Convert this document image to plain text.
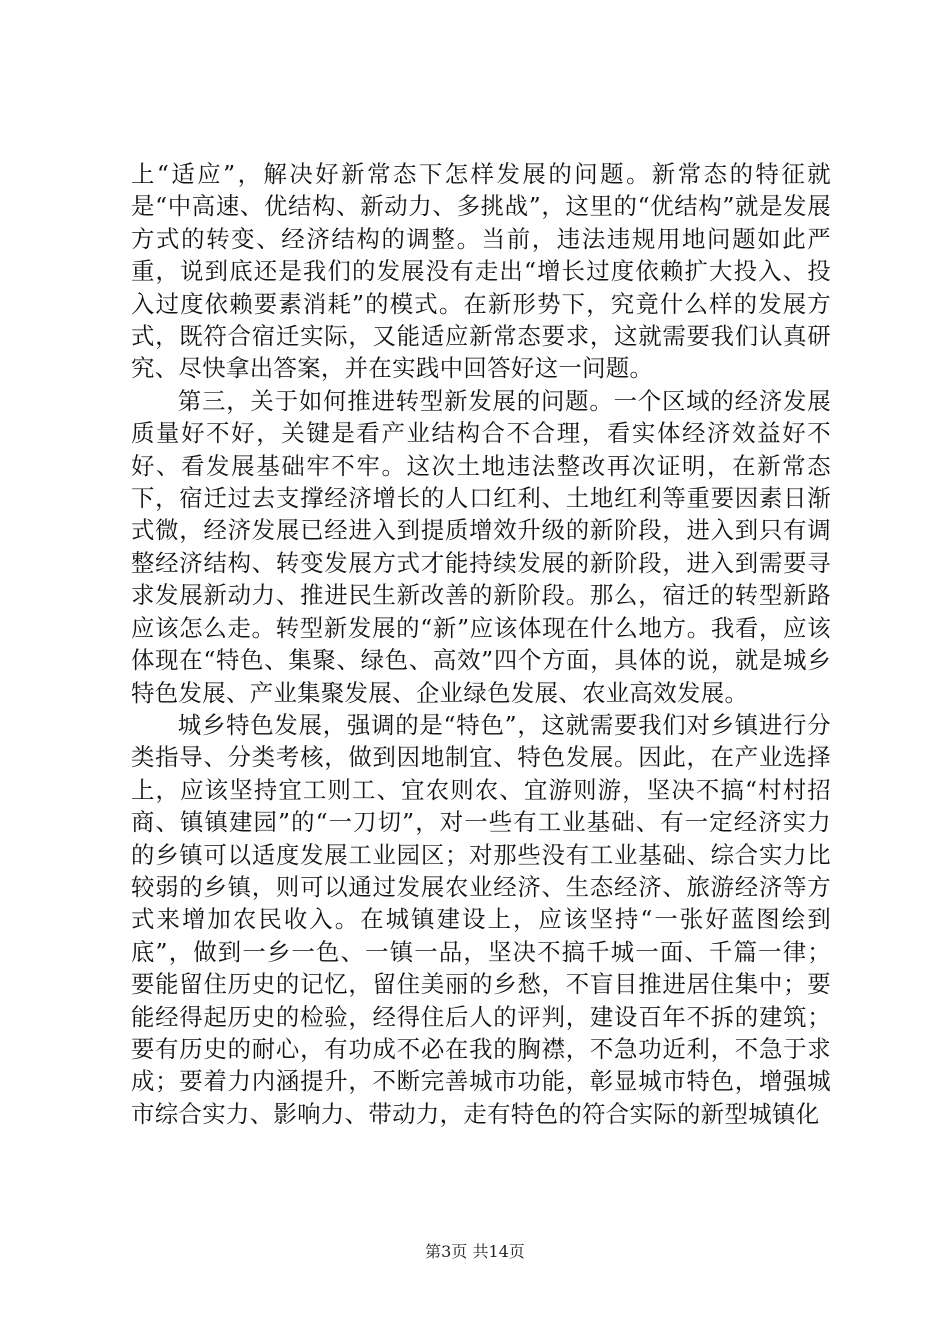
上“适应”，解决好新常态下怎样发展的问题。新常态的特征就是“中高速、优结构、新动力、多挑战”，这里的“优结构”就是发展方式的转变、经济结构的调整。当前，违法违规用地问题如此严重，说到底还是我们的发展没有走出“增长过度依赖扩大投入、投入过度依赖要素消耗”的模式。在新形势下，究竟什么样的发展方式，既符合宿迁实际，又能适应新常态要求，这就需要我们认真研究、尽快拿出答案，并在实践中回答好这一问题。

第三，关于如何推进转型新发展的问题。一个区域的经济发展质量好不好，关键是看产业结构合不合理，看实体经济效益好不好、看发展基础牢不牢。这次土地违法整改再次证明，在新常态下，宿迁过去支撑经济增长的人口红利、土地红利等重要因素日渐式微，经济发展已经进入到提质增效升级的新阶段，进入到只有调整经济结构、转变发展方式才能持续发展的新阶段，进入到需要寻求发展新动力、推进民生新改善的新阶段。那么，宿迁的转型新路应该怎么走。转型新发展的“新”应该体现在什么地方。我看，应该体现在“特色、集聚、绿色、高效”四个方面，具体的说，就是城乡特色发展、产业集聚发展、企业绿色发展、农业高效发展。

城乡特色发展，强调的是“特色”，这就需要我们对乡镇进行分类指导、分类考核，做到因地制宜、特色发展。因此，在产业选择上，应该坚持宜工则工、宜农则农、宜游则游，坚决不搞“村村招商、镇镇建园”的“一刀切”，对一些有工业基础、有一定经济实力的乡镇可以适度发展工业园区；对那些没有工业基础、综合实力比较弱的乡镇，则可以通过发展农业经济、生态经济、旅游经济等方式来增加农民收入。在城镇建设上，应该坚持“一张好蓝图绘到底”，做到一乡一色、一镇一品，坚决不搞千城一面、千篇一律；要能留住历史的记忆，留住美丽的乡愁，不盲目推进居住集中；要能经得起历史的检验，经得住后人的评判，建设百年不拆的建筑；要有历史的耐心，有功成不必在我的胸襟，不急功近利，不急于求成；要着力内涵提升，不断完善城市功能，彰显城市特色，增强城市综合实力、影响力、带动力，走有特色的符合实际的新型城镇化

第3页 共14页
